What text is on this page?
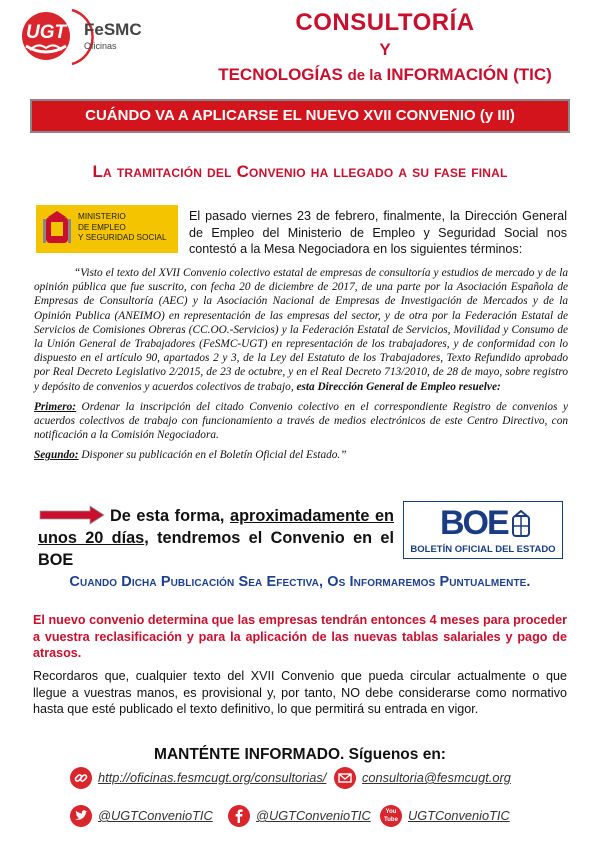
UGT FeSMC
Oficinas
CONSULTORÍA
Y
TECNOLOGÍAS de la INFORMACIÓN (TIC)
CUÁNDO VA A APLICARSE EL NUEVO XVII CONVENIO (y III)
La tramitación del Convenio ha llegado a su fase final
MINISTERIO
DE EMPLEO
Y SEGURIDAD SOCIAL
El pasado viernes 23 de febrero, finalmente, la Dirección General de Empleo del Ministerio de Empleo y Seguridad Social nos contestó a la Mesa Negociadora en los siguientes términos:

“Visto el texto del XVII Convenio colectivo estatal de empresas de consultoría y estudios de mercado y de la opinión pública que fue suscrito, con fecha 20 de diciembre de 2017, de una parte por la Asociación Española de Empresas de Consultoría (AEC) y la Asociación Nacional de Empresas de Investigación de Mercados y de la Opinión Publica (ANEIMO) en representación de las empresas del sector, y de otra por la Federación Estatal de Servicios de Comisiones Obreras (CC.OO.-Servicios) y la Federación Estatal de Servicios, Movilidad y Consumo de la Unión General de Trabajadores (FeSMC-UGT) en representación de los trabajadores, y de conformidad con lo dispuesto en el artículo 90, apartados 2 y 3, de la Ley del Estatuto de los Trabajadores, Texto Refundido aprobado por Real Decreto Legislativo 2/2015, de 23 de octubre, y en el Real Decreto 713/2010, de 28 de mayo, sobre registro y depósito de convenios y acuerdos colectivos de trabajo, esta Dirección General de Empleo resuelve:

Primero: Ordenar la inscripción del citado Convenio colectivo en el correspondiente Registro de convenios y acuerdos colectivos de trabajo con funcionamiento a través de medios electrónicos de este Centro Directivo, con notificación a la Comisión Negociadora.

Segundo: Disponer su publicación en el Boletín Oficial del Estado.”

De esta forma, aproximadamente en unos 20 días, tendremos el Convenio en el BOE
BOE
BOLETÍN OFICIAL DEL ESTADO
Cuando Dicha Publicación Sea Efectiva, Os Informaremos Puntualmente.
El nuevo convenio determina que las empresas tendrán entonces 4 meses para proceder a vuestra reclasificación y para la aplicación de las nuevas tablas salariales y pago de atrasos.
Recordaros que, cualquier texto del XVII Convenio que pueda circular actualmente o que llegue a vuestras manos, es provisional y, por tanto, NO debe considerarse como normativo hasta que esté publicado el texto definitivo, lo que permitirá su entrada en vigor.
MANTÉNTE INFORMADO. Síguenos en:
http://oficinas.fesmcugt.org/consultorias/	consultoria@fesmcugt.org
@UGTConvenioTIC	@UGTConvenioTIC	You Tube UGTConvenioTIC
